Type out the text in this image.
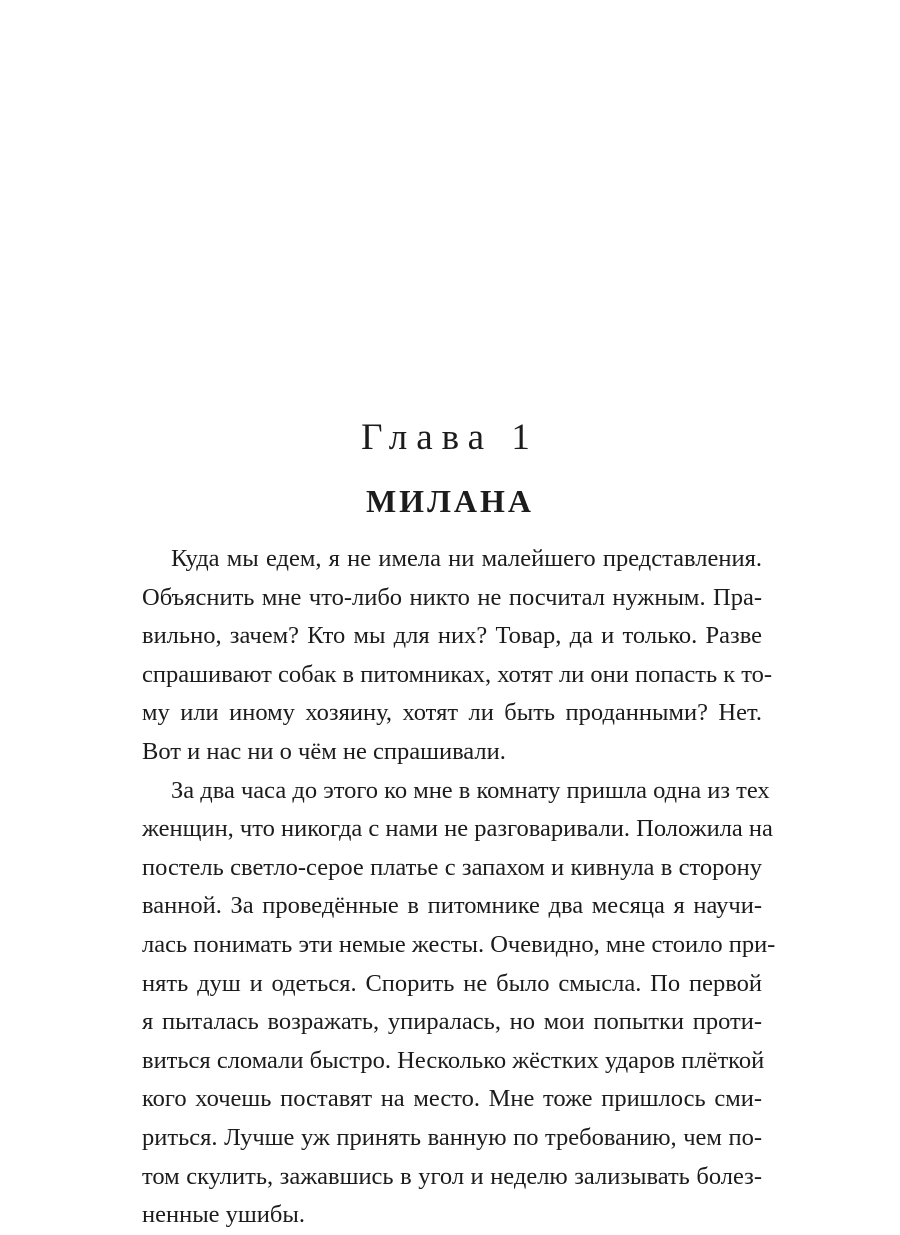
Глава 1
МИЛАНА
Куда мы едем, я не имела ни малейшего представления.
Объяснить мне что-либо никто не посчитал нужным. Пра-
вильно, зачем? Кто мы для них? Товар, да и только. Разве
спрашивают собак в питомниках, хотят ли они попасть к то-
му или иному хозяину, хотят ли быть проданными? Нет.
Вот и нас ни о чём не спрашивали.
За два часа до этого ко мне в комнату пришла одна из тех
женщин, что никогда с нами не разговаривали. Положила на
постель светло-серое платье с запахом и кивнула в сторону
ванной. За проведённые в питомнике два месяца я научи-
лась понимать эти немые жесты. Очевидно, мне стоило при-
нять душ и одеться. Спорить не было смысла. По первой
я пыталась возражать, упиралась, но мои попытки проти-
виться сломали быстро. Несколько жёстких ударов плёткой
кого хочешь поставят на место. Мне тоже пришлось сми-
риться. Лучше уж принять ванную по требованию, чем по-
том скулить, зажавшись в угол и неделю зализывать болез-
ненные ушибы.
